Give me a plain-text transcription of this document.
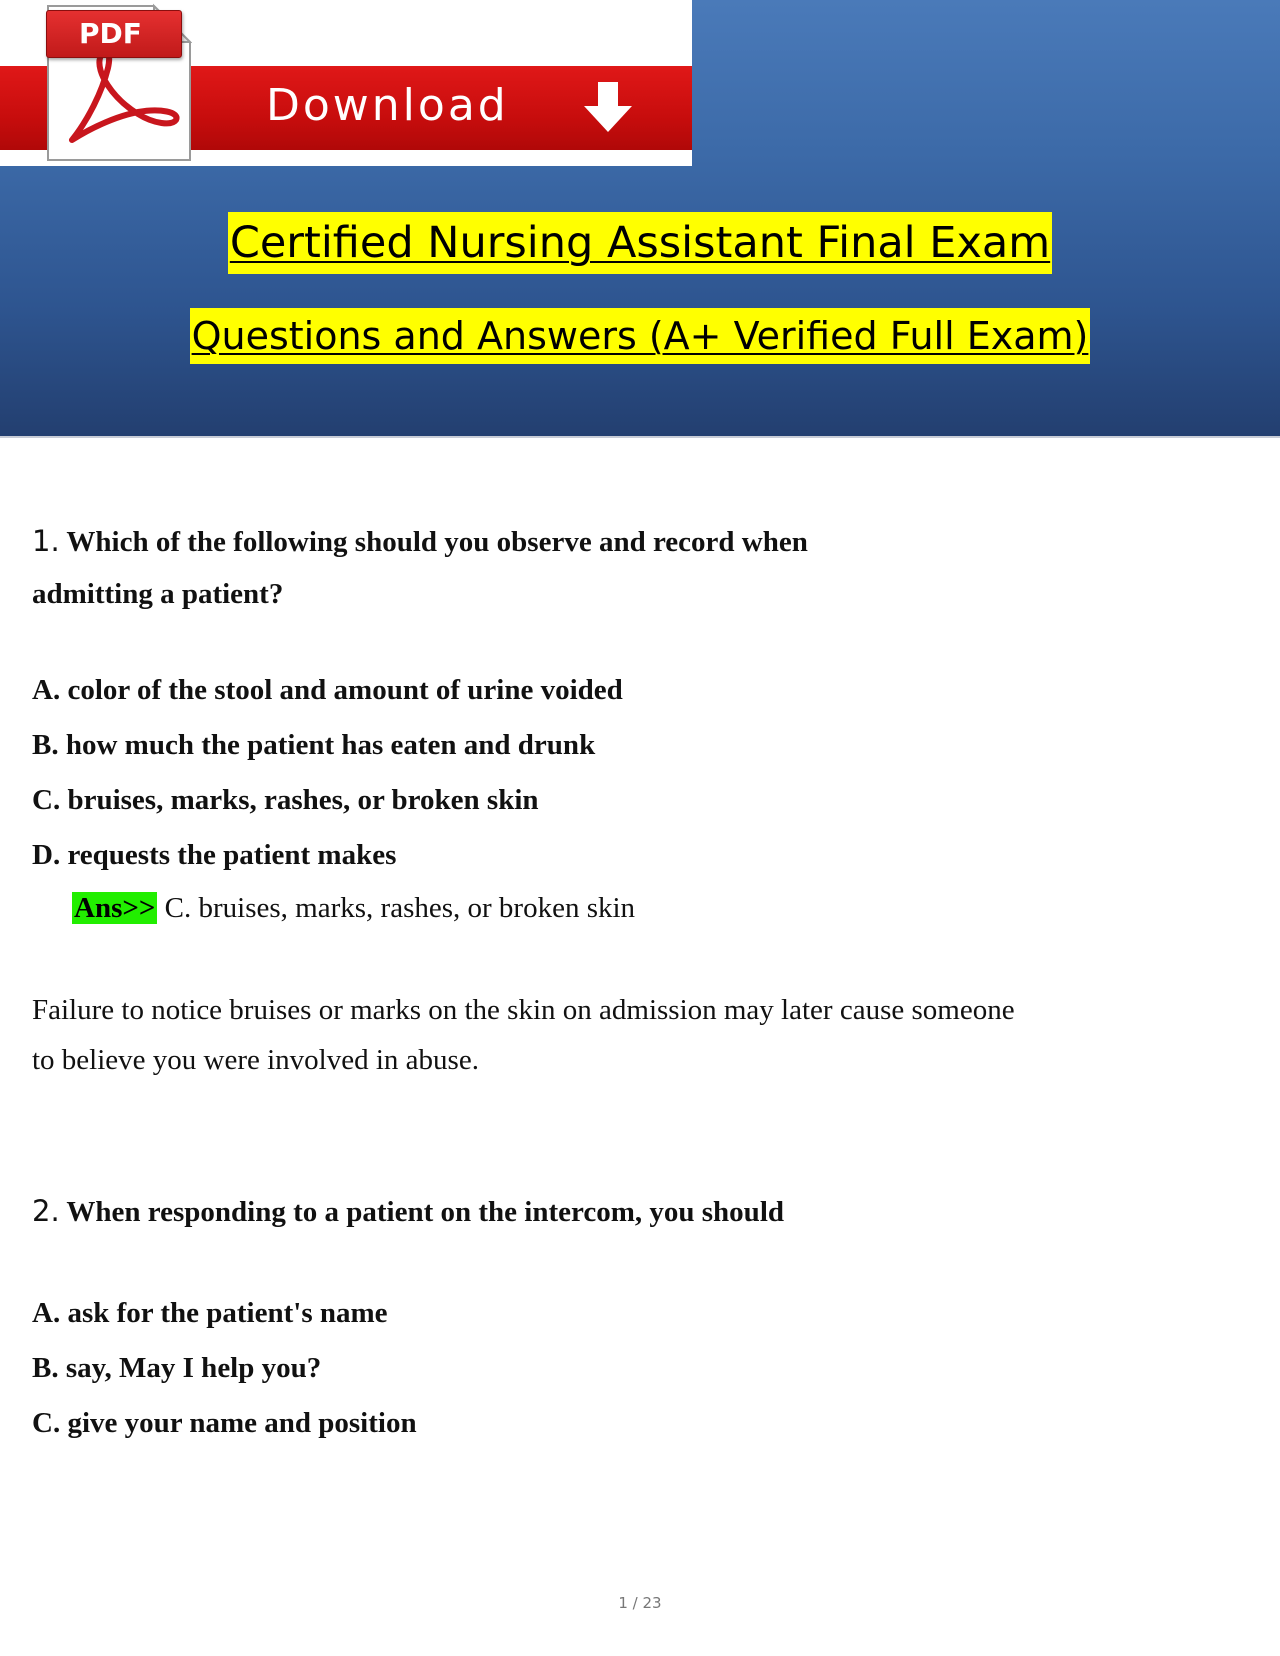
Download
PDF
Certified Nursing Assistant Final Exam
Questions and Answers (A+ Verified Full Exam)

1. Which of the following should you observe and record when

admitting a patient?

A. color of the stool and amount of urine voided

B. how much the patient has eaten and drunk

C. bruises, marks, rashes, or broken skin

D. requests the patient makes

Ans>> C. bruises, marks, rashes, or broken skin

Failure to notice bruises or marks on the skin on admission may later cause someone

to believe you were involved in abuse.

2. When responding to a patient on the intercom, you should

A. ask for the patient's name

B. say, May I help you?

C. give your name and position

1 / 23
